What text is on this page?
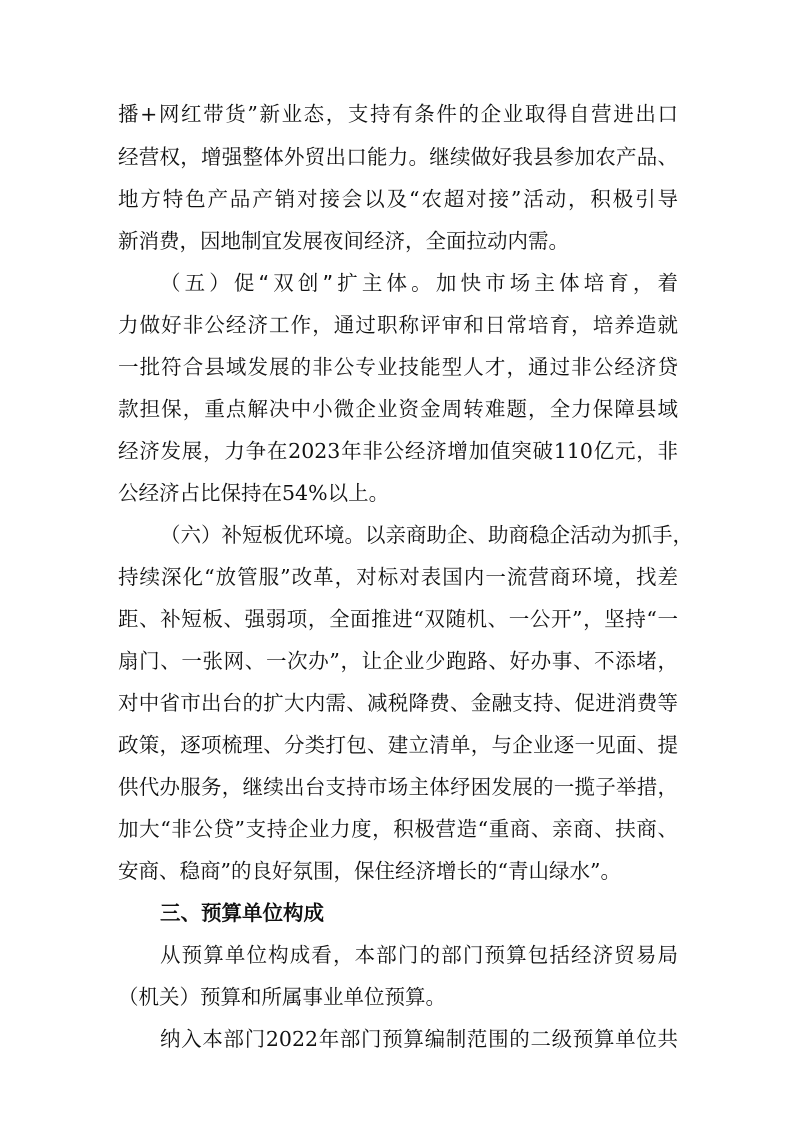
播+网红带货”新业态，支持有条件的企业取得自营进出口
经营权，增强整体外贸出口能力。继续做好我县参加农产品、
地方特色产品产销对接会以及“农超对接”活动，积极引导
新消费，因地制宜发展夜间经济，全面拉动内需。
（五）促“双创”扩主体。加快市场主体培育，着
力做好非公经济工作，通过职称评审和日常培育，培养造就
一批符合县域发展的非公专业技能型人才，通过非公经济贷
款担保，重点解决中小微企业资金周转难题，全力保障县域
经济发展，力争在2023年非公经济增加值突破110亿元，非
公经济占比保持在54%以上。
（六）补短板优环境。以亲商助企、助商稳企活动为抓手，
持续深化“放管服”改革，对标对表国内一流营商环境，找差
距、补短板、强弱项，全面推进“双随机、一公开”，坚持“一
扇门、一张网、一次办”，让企业少跑路、好办事、不添堵，
对中省市出台的扩大内需、减税降费、金融支持、促进消费等
政策，逐项梳理、分类打包、建立清单，与企业逐一见面、提
供代办服务，继续出台支持市场主体纾困发展的一揽子举措，
加大“非公贷”支持企业力度，积极营造“重商、亲商、扶商、
安商、稳商”的良好氛围，保住经济增长的“青山绿水”。
三、预算单位构成
从预算单位构成看，本部门的部门预算包括经济贸易局
（机关）预算和所属事业单位预算。
纳入本部门2022年部门预算编制范围的二级预算单位共
